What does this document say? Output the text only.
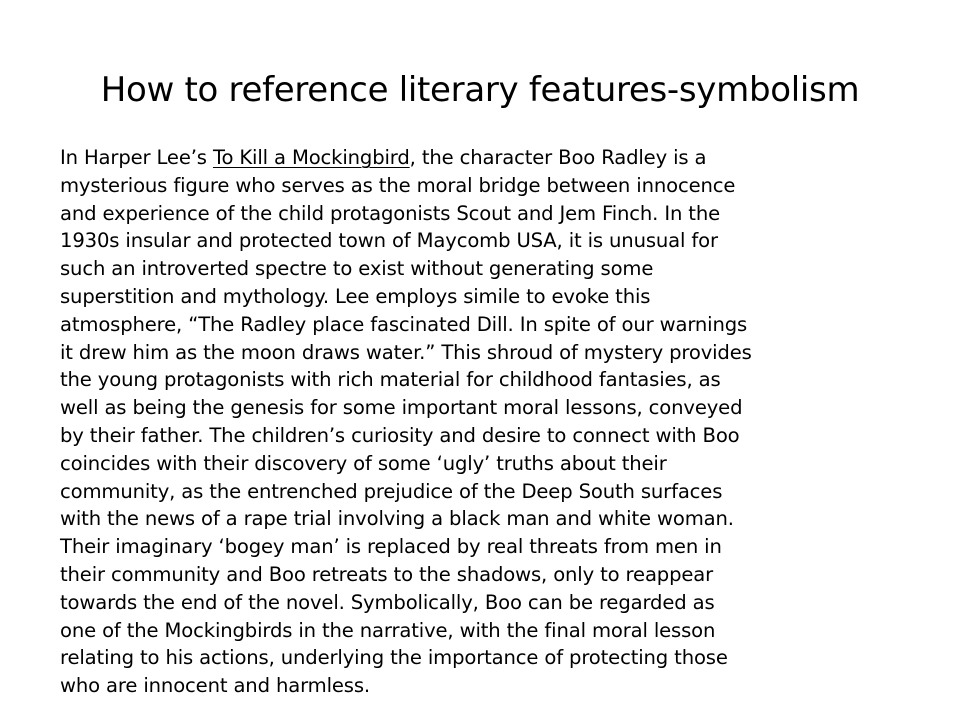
How to reference literary features-symbolism
In Harper Lee’s To Kill a Mockingbird, the character Boo Radley is a
mysterious figure who serves as the moral bridge between innocence
and experience of the child protagonists Scout and Jem Finch. In the
1930s insular and protected town of Maycomb USA, it is unusual for
such an introverted spectre to exist without generating some
superstition and mythology. Lee employs simile to evoke this
atmosphere, “The Radley place fascinated Dill. In spite of our warnings
it drew him as the moon draws water.” This shroud of mystery provides
the young protagonists with rich material for childhood fantasies, as
well as being the genesis for some important moral lessons, conveyed
by their father. The children’s curiosity and desire to connect with Boo
coincides with their discovery of some ‘ugly’ truths about their
community, as the entrenched prejudice of the Deep South surfaces
with the news of a rape trial involving a black man and white woman.
Their imaginary ‘bogey man’ is replaced by real threats from men in
their community and Boo retreats to the shadows, only to reappear
towards the end of the novel. Symbolically, Boo can be regarded as
one of the Mockingbirds in the narrative, with the final moral lesson
relating to his actions, underlying the importance of protecting those
who are innocent and harmless.
